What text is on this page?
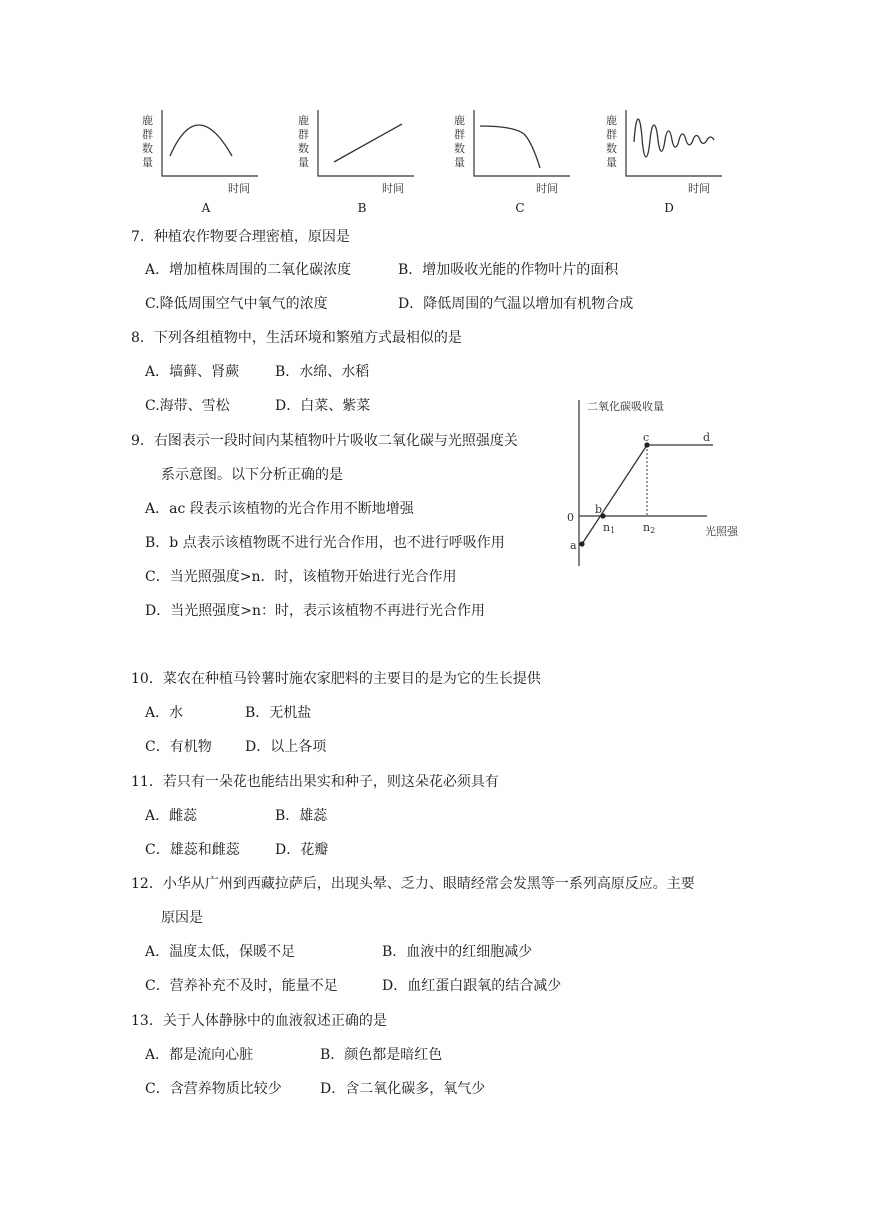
鹿
群
数
量
时间
A
鹿
群
数
量
时间
B
鹿
群
数
量
时间
C
鹿
群
数
量
时间
D
7．种植农作物要合理密植，原因是
A．增加植株周围的二氧化碳浓度	B．增加吸收光能的作物叶片的面积
C.降低周围空气中氧气的浓度	D．降低周围的气温以增加有机物合成
8．下列各组植物中，生活环境和繁殖方式最相似的是
A．墙藓、肾蕨	B．水绵、水稻
C.海带、雪松	D．白菜、紫菜	二氧化碳吸收量
0
光照强
a
b
c	d
n1	n2
9．右图表示一段时间内某植物叶片吸收二氧化碳与光照强度关
系示意图。以下分析正确的是
A．ac 段表示该植物的光合作用不断地增强
B．b 点表示该植物既不进行光合作用，也不进行呼吸作用
C．当光照强度>n．时，该植物开始进行光合作用
D．当光照强度>n：时，表示该植物不再进行光合作用
10．菜农在种植马铃薯时施农家肥料的主要目的是为它的生长提供
A．水	B．无机盐
C．有机物 D．以上各项
11．若只有一朵花也能结出果实和种子，则这朵花必须具有
A．雌蕊	B．雄蕊
C．雄蕊和雌蕊	D．花瓣
12．小华从广州到西藏拉萨后，出现头晕、乏力、眼睛经常会发黑等一系列高原反应。主要
原因是
A．温度太低，保暖不足	B．血液中的红细胞减少
C．营养补充不及时，能量不足	D．血红蛋白跟氧的结合减少
13．关于人体静脉中的血液叙述正确的是
A．都是流向心脏	B．颜色都是暗红色
C．含营养物质比较少	D．含二氧化碳多，氧气少
